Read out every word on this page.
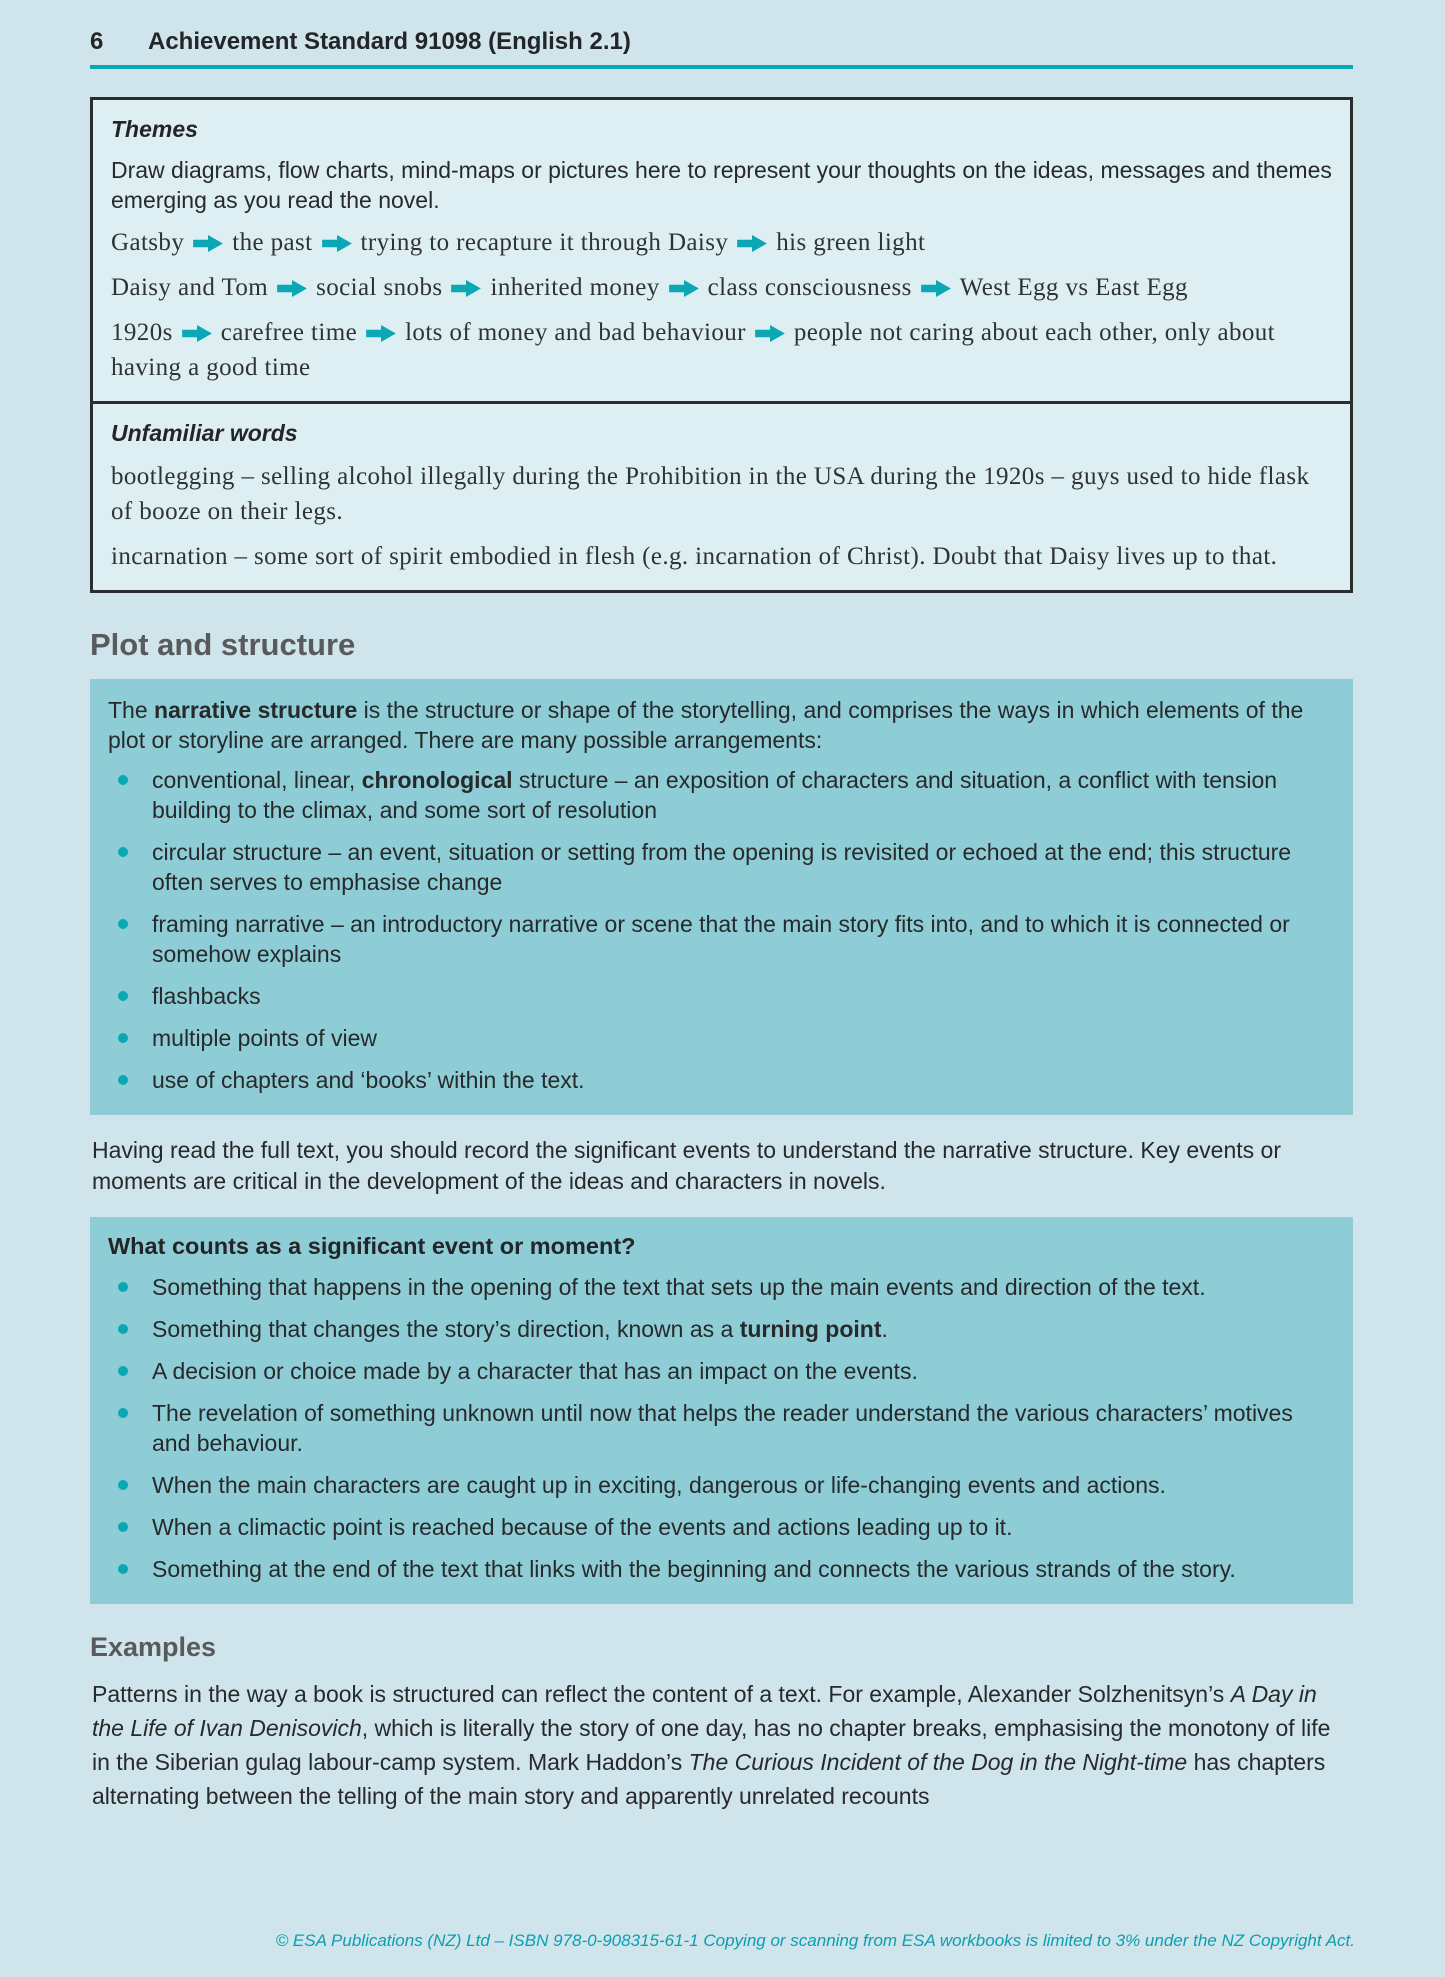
6	Achievement Standard 91098 (English 2.1)
Themes

Draw diagrams, flow charts, mind-maps or pictures here to represent your thoughts on the ideas, messages and themes emerging as you read the novel.

Gatsby the past trying to recapture it through Daisy his green light

Daisy and Tom social snobs inherited money class consciousness West Egg vs East Egg

1920s carefree time lots of money and bad behaviour people not caring about each other, only about having a good time

Unfamiliar words

bootlegging – selling alcohol illegally during the Prohibition in the USA during the 1920s – guys used to hide flask of booze on their legs.

incarnation – some sort of spirit embodied in flesh (e.g. incarnation of Christ). Doubt that Daisy lives up to that.

Plot and structure

The narrative structure is the structure or shape of the storytelling, and comprises the ways in which elements of the plot or storyline are arranged. There are many possible arrangements:

conventional, linear, chronological structure – an exposition of characters and situation, a conflict with tension building to the climax, and some sort of resolution
circular structure – an event, situation or setting from the opening is revisited or echoed at the end; this structure often serves to emphasise change
framing narrative – an introductory narrative or scene that the main story fits into, and to which it is connected or somehow explains
flashbacks
multiple points of view
use of chapters and ‘books’ within the text.

Having read the full text, you should record the significant events to understand the narrative structure. Key events or moments are critical in the development of the ideas and characters in novels.

What counts as a significant event or moment?
Something that happens in the opening of the text that sets up the main events and direction of the text.
Something that changes the story’s direction, known as a turning point.
A decision or choice made by a character that has an impact on the events.
The revelation of something unknown until now that helps the reader understand the various characters’ motives and behaviour.
When the main characters are caught up in exciting, dangerous or life-changing events and actions.
When a climactic point is reached because of the events and actions leading up to it.
Something at the end of the text that links with the beginning and connects the various strands of the story.
Examples

Patterns in the way a book is structured can reflect the content of a text. For example, Alexander Solzhenitsyn’s A Day in the Life of Ivan Denisovich, which is literally the story of one day, has no chapter breaks, emphasising the monotony of life in the Siberian gulag labour-camp system. Mark Haddon’s The Curious Incident of the Dog in the Night-time has chapters alternating between the telling of the main story and apparently unrelated recounts

© ESA Publications (NZ) Ltd – ISBN 978-0-908315-61-1 Copying or scanning from ESA workbooks is limited to 3% under the NZ Copyright Act.
